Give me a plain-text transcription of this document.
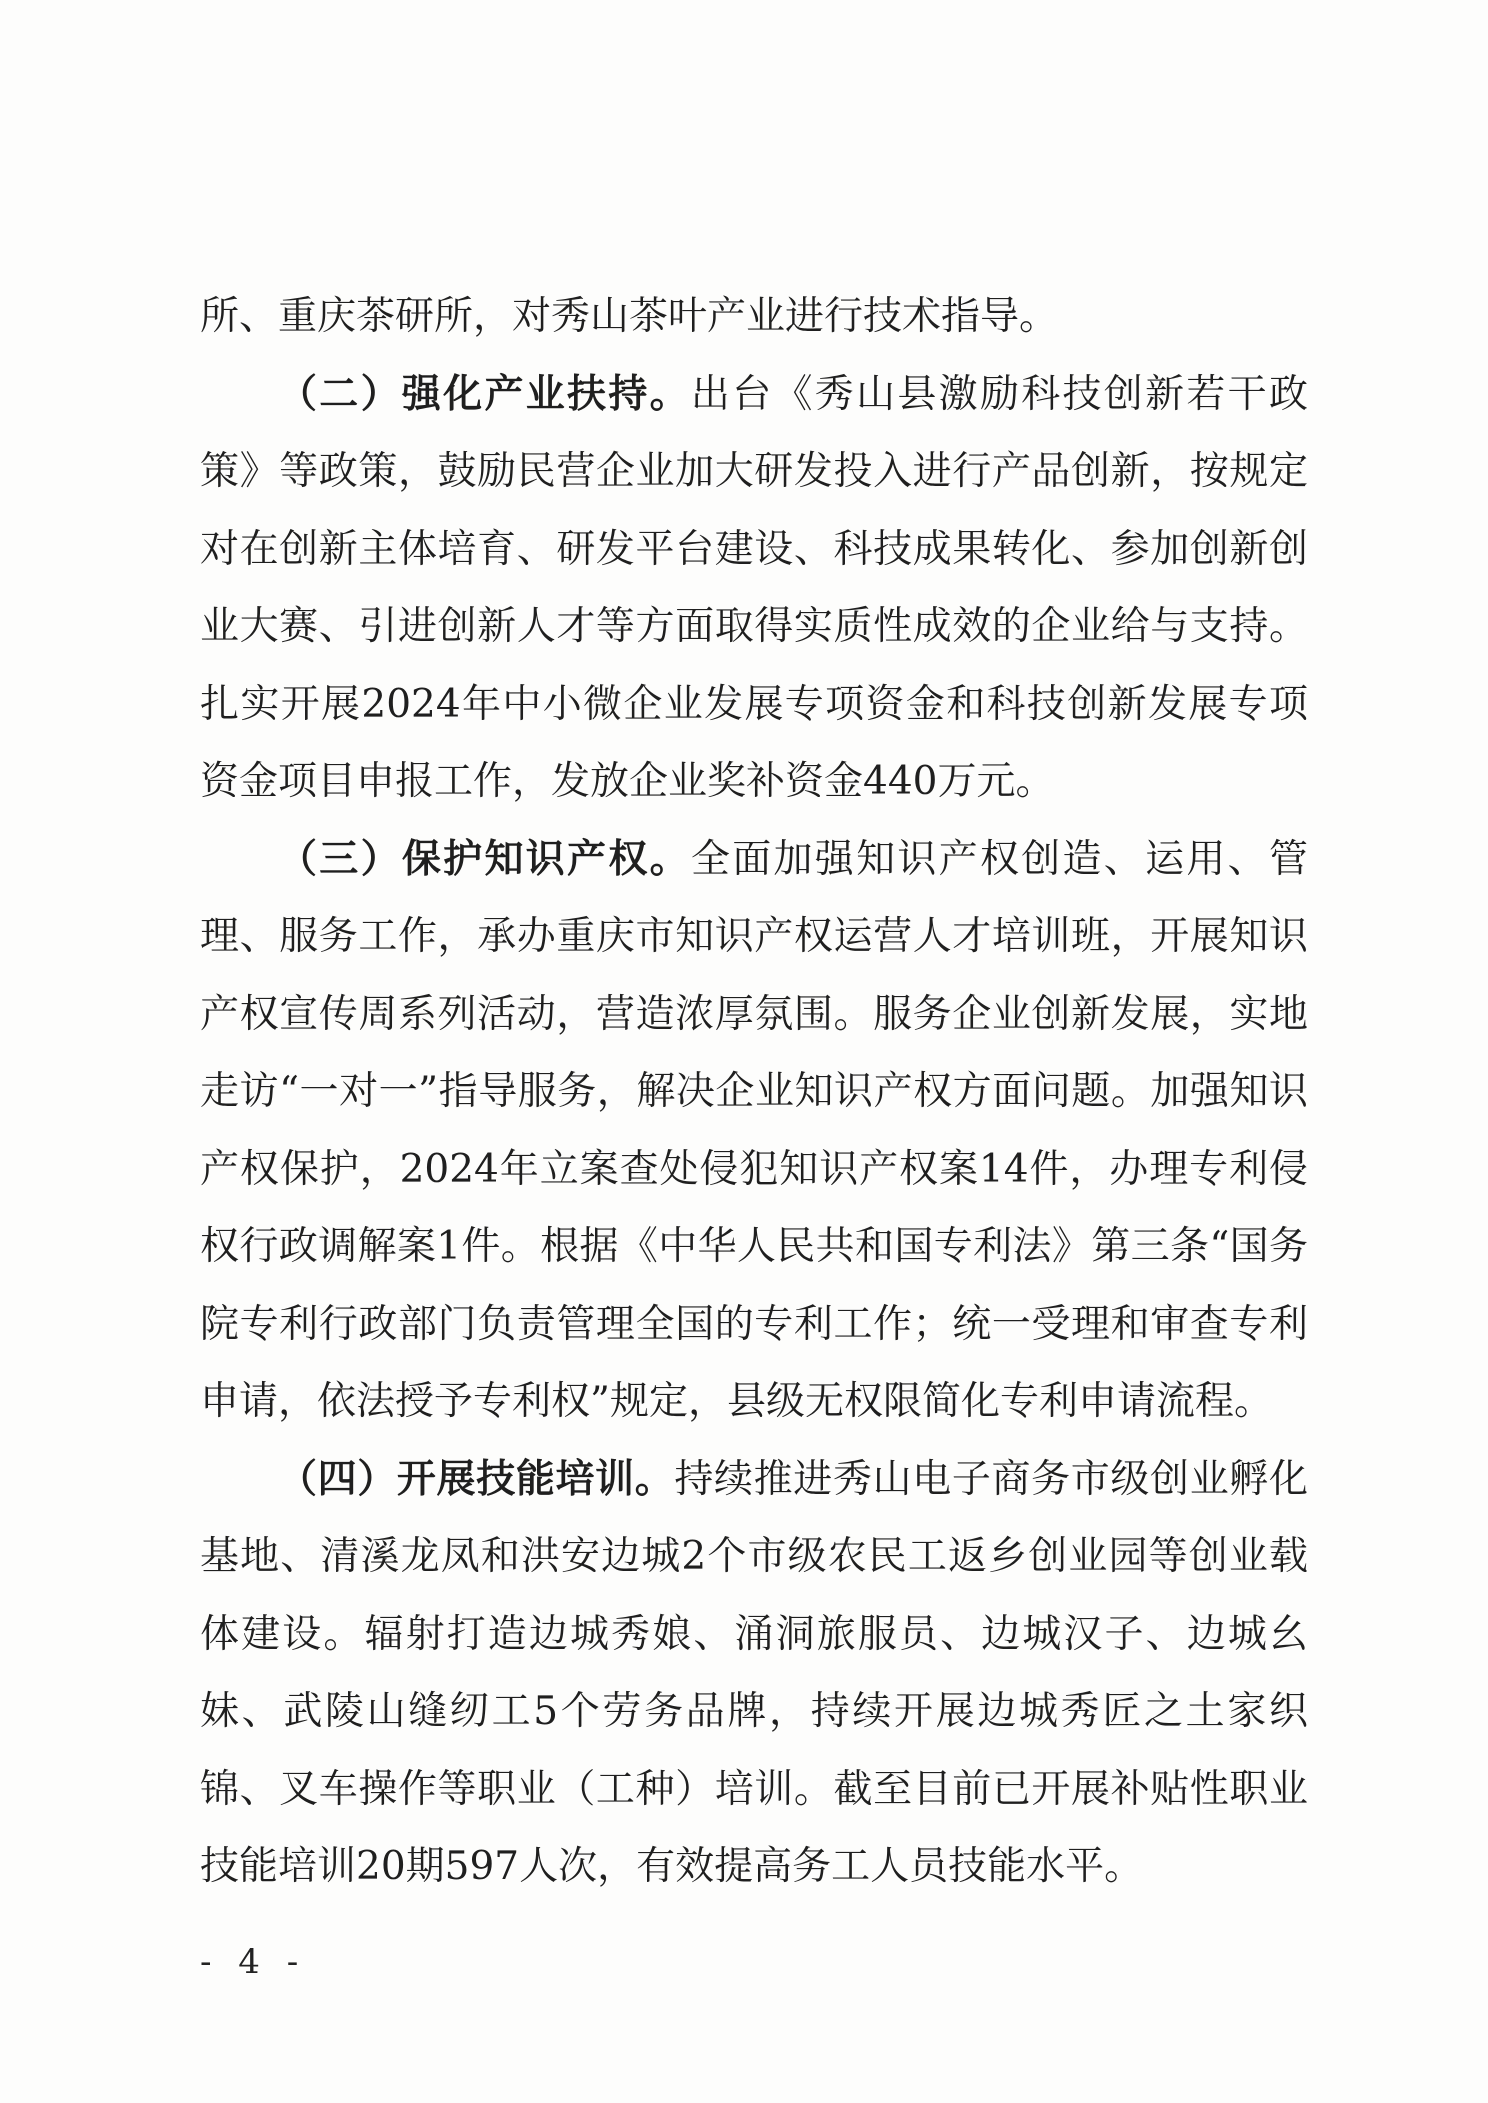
所、重庆茶研所，对秀山茶叶产业进行技术指导。

（二）强化产业扶持。出台《秀山县激励科技创新若干政策》等政策，鼓励民营企业加大研发投入进行产品创新，按规定对在创新主体培育、研发平台建设、科技成果转化、参加创新创业大赛、引进创新人才等方面取得实质性成效的企业给与支持。扎实开展2024年中小微企业发展专项资金和科技创新发展专项资金项目申报工作，发放企业奖补资金440万元。

（三）保护知识产权。全面加强知识产权创造、运用、管理、服务工作，承办重庆市知识产权运营人才培训班，开展知识产权宣传周系列活动，营造浓厚氛围。服务企业创新发展，实地走访“一对一”指导服务，解决企业知识产权方面问题。加强知识产权保护，2024年立案查处侵犯知识产权案14件，办理专利侵权行政调解案1件。根据《中华人民共和国专利法》第三条“国务院专利行政部门负责管理全国的专利工作；统一受理和审查专利申请，依法授予专利权”规定，县级无权限简化专利申请流程。

（四）开展技能培训。持续推进秀山电子商务市级创业孵化基地、清溪龙凤和洪安边城2个市级农民工返乡创业园等创业载体建设。辐射打造边城秀娘、涌洞旅服员、边城汉子、边城幺妹、武陵山缝纫工5个劳务品牌，持续开展边城秀匠之土家织锦、叉车操作等职业（工种）培训。截至目前已开展补贴性职业技能培训20期597人次，有效提高务工人员技能水平。

- 4 -
